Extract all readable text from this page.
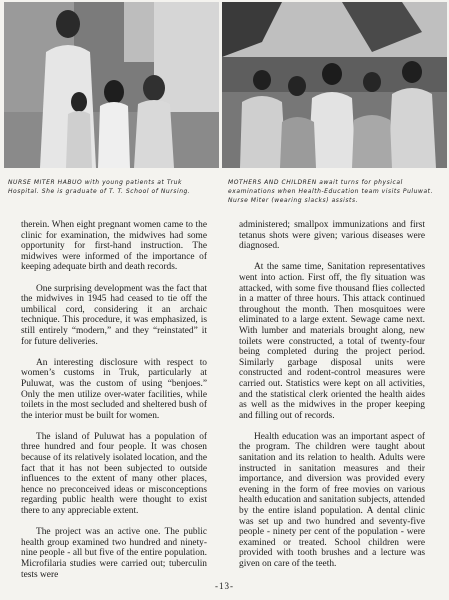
NURSE MITER HABUO with young patients at Truk Hospital. She is graduate of T. T. School of Nursing.

MOTHERS AND CHILDREN await turns for physical examinations when Health-Education team visits Puluwat. Nurse Miter (wearing slacks) assists.

therein. When eight pregnant women came to the clinic for examination, the midwives had some opportunity for first-hand instruction. The midwives were informed of the importance of keeping adequate birth and death records.

One surprising development was the fact that the midwives in 1945 had ceased to tie off the umbilical cord, considering it an archaic technique. This procedure, it was emphasized, is still entirely “modern,” and they “reinstated” it for future deliveries.

An interesting disclosure with respect to women’s customs in Truk, particularly at Puluwat, was the custom of using “benjoes.” Only the men utilize over-water facilities, while toilets in the most secluded and sheltered bush of the interior must be built for women.

The island of Puluwat has a population of three hundred and four people. It was chosen because of its relatively isolated location, and the fact that it has not been subjected to outside influences to the extent of many other places, hence no preconceived ideas or misconceptions regarding public health were thought to exist there to any appreciable extent.

The project was an active one. The public health group examined two hundred and ninety-nine people - all but five of the entire population. Microfilaria studies were carried out; tuberculin tests were

administered; smallpox immunizations and first tetanus shots were given; various diseases were diagnosed.

At the same time, Sanitation representatives went into action. First off, the fly situation was attacked, with some five thousand flies collected in a matter of three hours. This attack continued throughout the month. Then mosquitoes were eliminated to a large extent. Sewage came next. With lumber and materials brought along, new toilets were constructed, a total of twenty-four being completed during the project period. Similarly garbage disposal units were constructed and rodent-control measures were carried out. Statistics were kept on all activities, and the statistical clerk oriented the health aides as well as the midwives in the proper keeping and filling out of records.

Health education was an important aspect of the program. The children were taught about sanitation and its relation to health. Adults were instructed in sanitation measures and their importance, and diversion was provided every evening in the form of free movies on various health education and sanitation subjects, attended by the entire island population. A dental clinic was set up and two hundred and seventy-five people - ninety per cent of the population - were examined or treated. School children were provided with tooth brushes and a lecture was given on care of the teeth.

-13-
